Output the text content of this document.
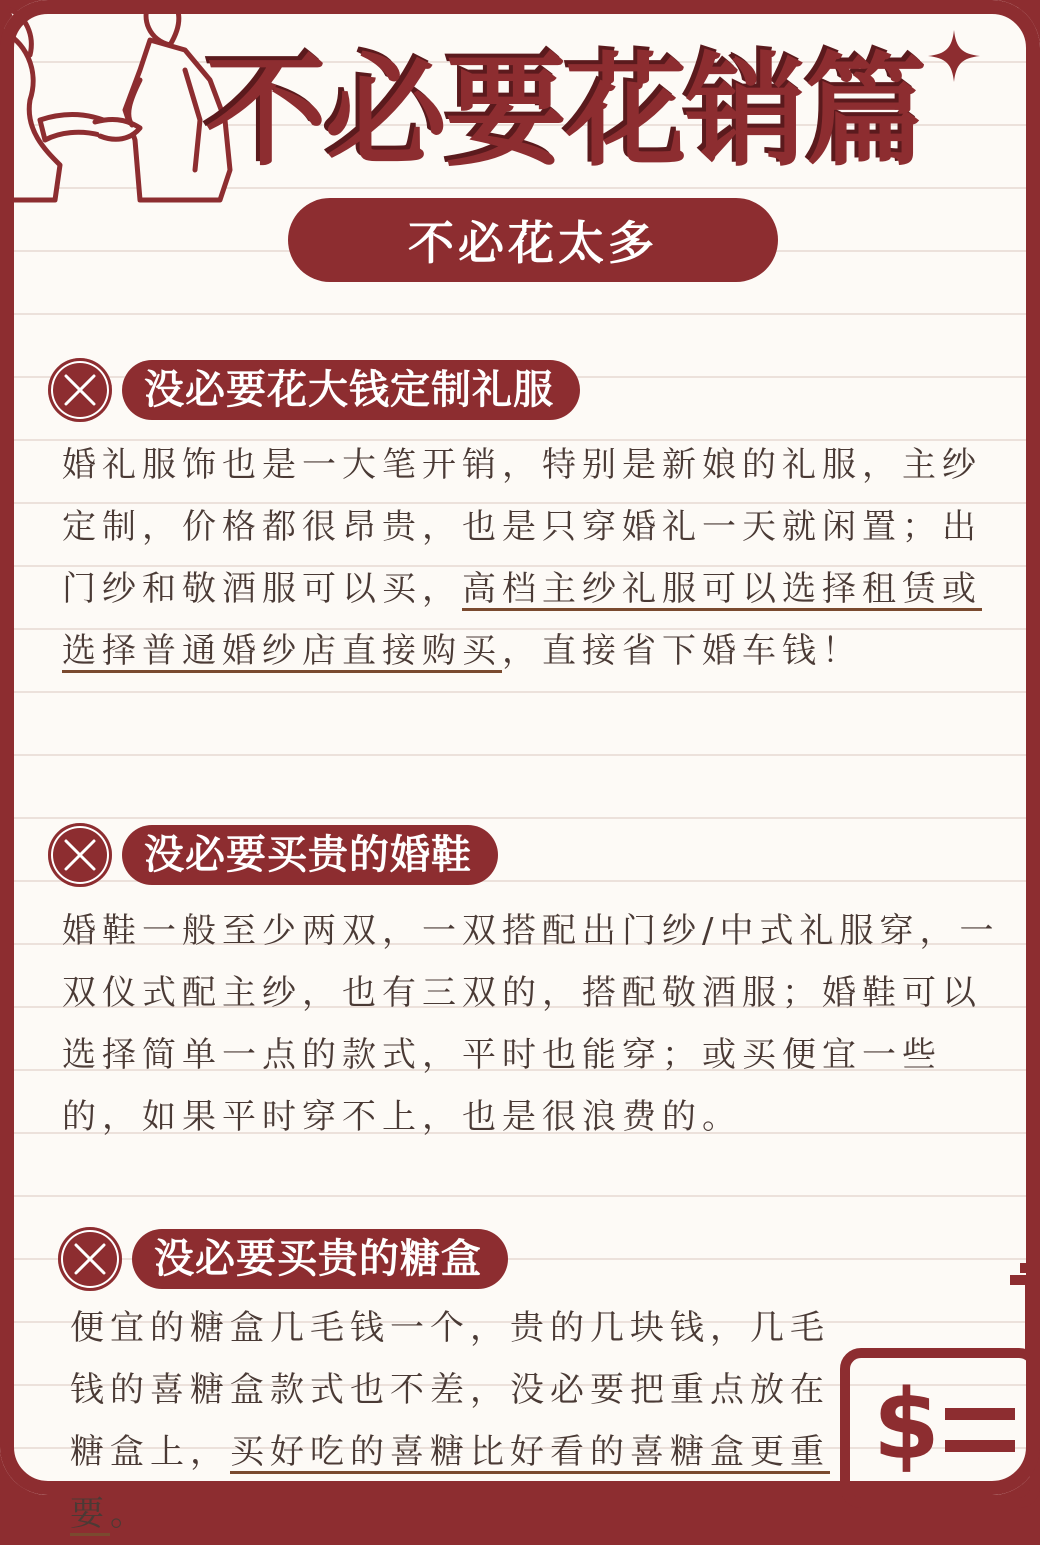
不必要花销篇
不必花太多
没必要花大钱定制礼服

婚礼服饰也是一大笔开销，特别是新娘的礼服，主纱定制，价格都很昂贵，也是只穿婚礼一天就闲置；出门纱和敬酒服可以买，高档主纱礼服可以选择租赁或选择普通婚纱店直接购买，直接省下婚车钱！

没必要买贵的婚鞋

婚鞋一般至少两双，一双搭配出门纱/中式礼服穿，一双仪式配主纱，也有三双的，搭配敬酒服；婚鞋可以选择简单一点的款式，平时也能穿；或买便宜一些的，如果平时穿不上，也是很浪费的。

没必要买贵的糖盒

便宜的糖盒几毛钱一个，贵的几块钱，几毛钱的喜糖盒款式也不差，没必要把重点放在糖盒上，买好吃的喜糖比好看的喜糖盒更重要。

$
